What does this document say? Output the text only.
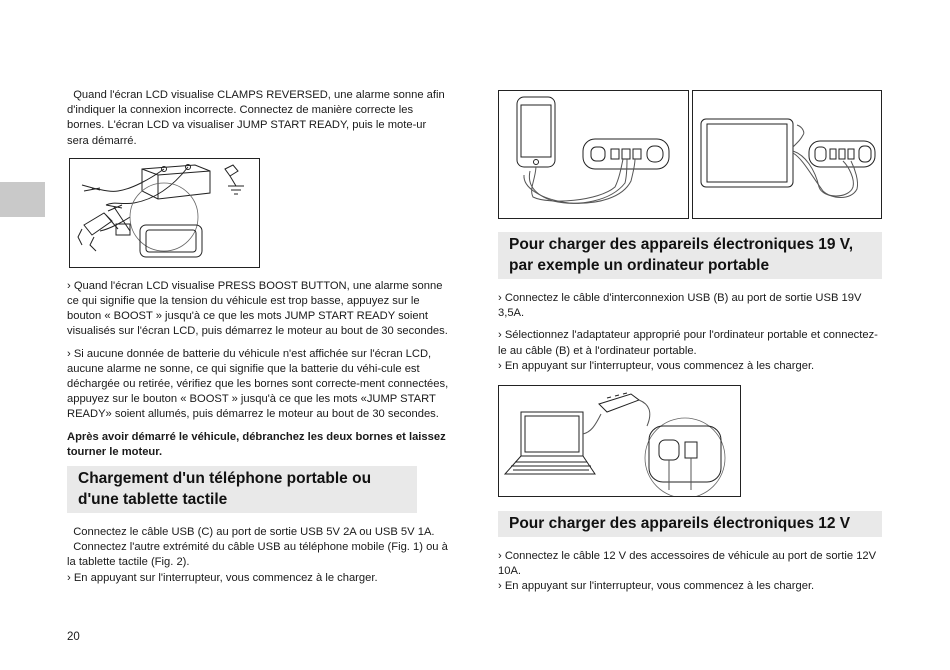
Quand l'écran LCD visualise CLAMPS REVERSED, une alarme sonne afin d'indiquer la connexion incorrecte. Connectez de manière correcte les bornes. L'écran LCD va visualiser JUMP START READY, puis le mote-ur sera démarré.

› Quand l'écran LCD visualise PRESS BOOST BUTTON, une alarme sonne ce qui signifie que la tension du véhicule est trop basse, appuyez sur le bouton « BOOST » jusqu'à ce que les mots JUMP START READY soient visualisés sur l'écran LCD, puis démarrez le moteur au bout de 30 secondes.

› Si aucune donnée de batterie du véhicule n'est affichée sur l'écran LCD, aucune alarme ne sonne, ce qui signifie que la batterie du véhi-cule est déchargée ou retirée, vérifiez que les bornes sont correcte-ment connectées, appuyez sur le bouton « BOOST » jusqu'à ce que les mots «JUMP START READY» soient allumés, puis démarrez le moteur au bout de 30 secondes.

Après avoir démarré le véhicule, débranchez les deux bornes et laissez tourner le moteur.

Chargement d'un téléphone portable ou d'une tablette tactile

Connectez le câble USB (C) au port de sortie USB 5V 2A ou USB 5V 1A.

Connectez l'autre extrémité du câble USB au téléphone mobile (Fig. 1) ou à la tablette tactile (Fig. 2).

› En appuyant sur l'interrupteur, vous commencez à le charger.

Pour charger des appareils électroniques 19 V, par exemple un ordinateur portable

› Connectez le câble d'interconnexion USB (B) au port de sortie USB 19V 3,5A.

› Sélectionnez l'adaptateur approprié pour l'ordinateur portable et connectez-le au câble (B) et à l'ordinateur portable.

› En appuyant sur l'interrupteur, vous commencez à les charger.

Pour charger des appareils électroniques 12 V

› Connectez le câble 12 V des accessoires de véhicule au port de sortie 12V 10A.

› En appuyant sur l'interrupteur, vous commencez à les charger.

20
